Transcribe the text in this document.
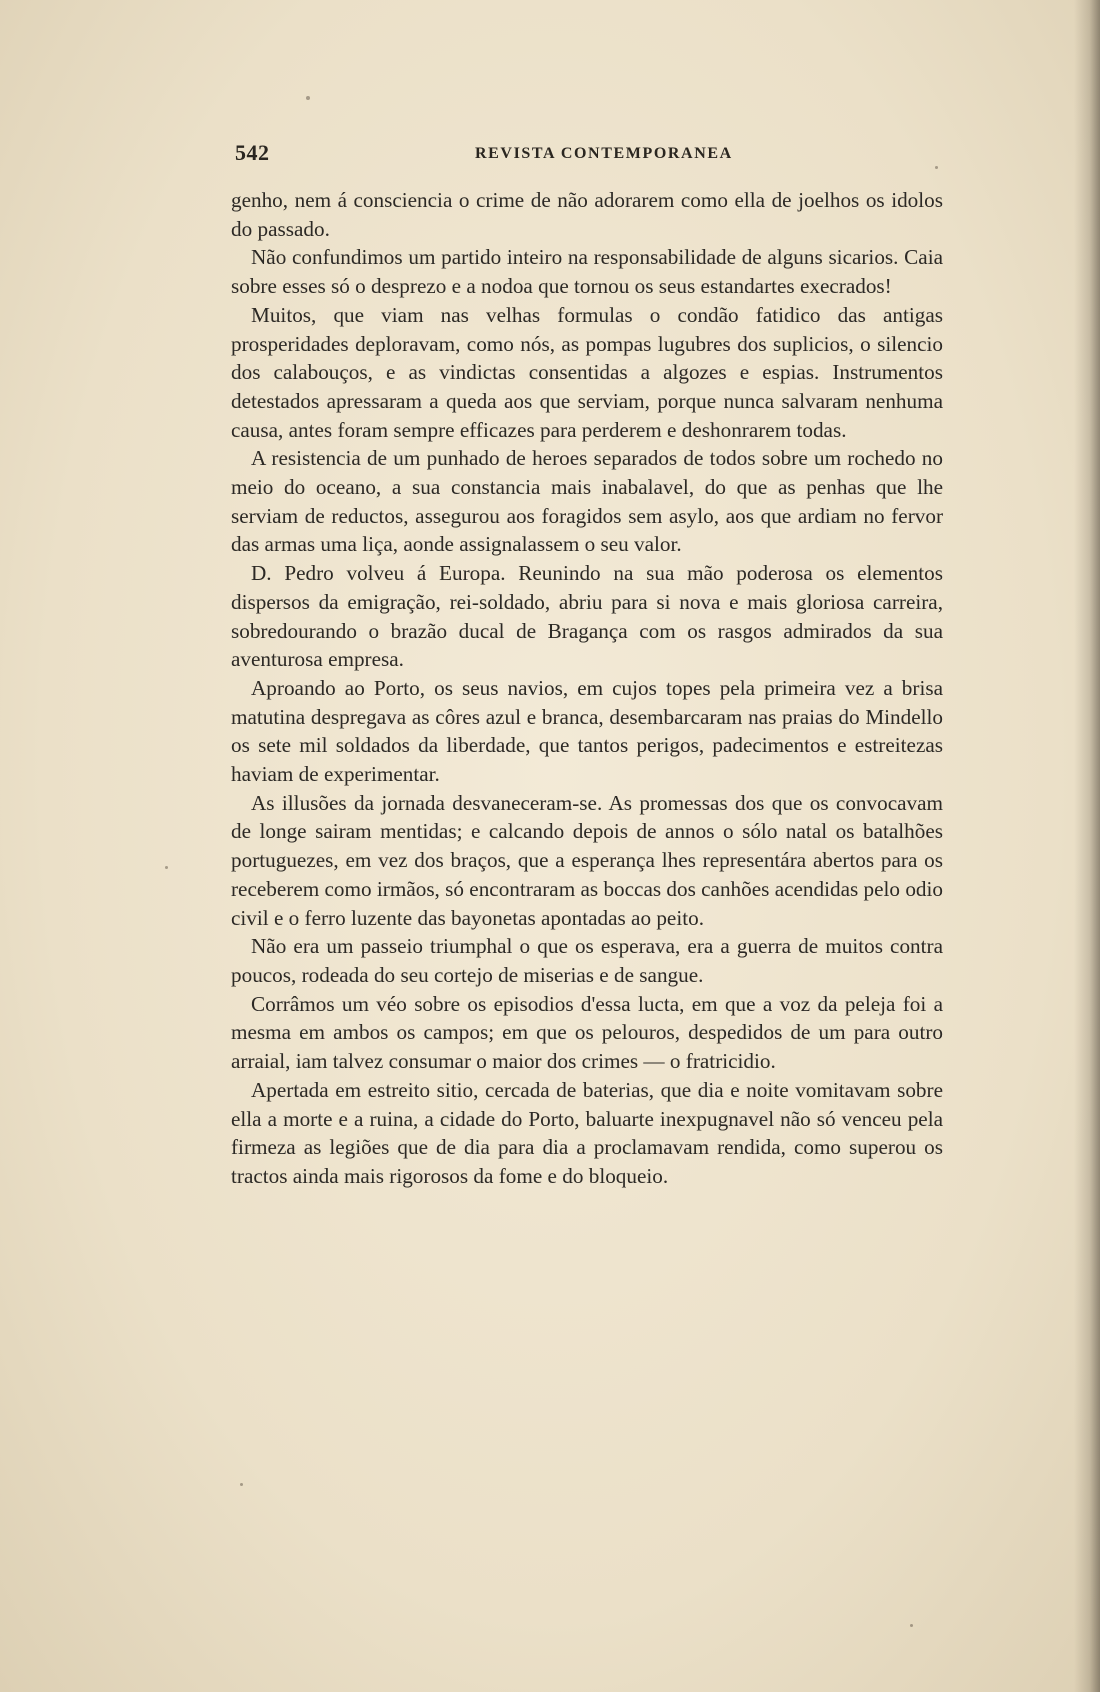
542	REVISTA CONTEMPORANEA

genho, nem á consciencia o crime de não adorarem como ella de joelhos os idolos do passado.

Não confundimos um partido inteiro na responsabilidade de alguns sicarios. Caia sobre esses só o desprezo e a nodoa que tornou os seus estandartes execrados!

Muitos, que viam nas velhas formulas o condão fatidico das antigas prosperidades deploravam, como nós, as pompas lugubres dos suplicios, o silencio dos calabouços, e as vindictas consentidas a algozes e espias. Instrumentos detestados apressaram a queda aos que serviam, porque nunca salvaram nenhuma causa, antes foram sempre efficazes para perderem e deshonrarem todas.

A resistencia de um punhado de heroes separados de todos sobre um rochedo no meio do oceano, a sua constancia mais inabalavel, do que as penhas que lhe serviam de reductos, assegurou aos foragidos sem asylo, aos que ardiam no fervor das armas uma liça, aonde assignalassem o seu valor.

D. Pedro volveu á Europa. Reunindo na sua mão poderosa os elementos dispersos da emigração, rei-soldado, abriu para si nova e mais gloriosa carreira, sobredourando o brazão ducal de Bragança com os rasgos admirados da sua aventurosa empresa.

Aproando ao Porto, os seus navios, em cujos topes pela primeira vez a brisa matutina despregava as côres azul e branca, desembarcaram nas praias do Mindello os sete mil soldados da liberdade, que tantos perigos, padecimentos e estreitezas haviam de experimentar.

As illusões da jornada desvaneceram-se. As promessas dos que os convocavam de longe sairam mentidas; e calcando depois de annos o sólo natal os batalhões portuguezes, em vez dos braços, que a esperança lhes representára abertos para os receberem como irmãos, só encontraram as boccas dos canhões acendidas pelo odio civil e o ferro luzente das bayonetas apontadas ao peito.

Não era um passeio triumphal o que os esperava, era a guerra de muitos contra poucos, rodeada do seu cortejo de miserias e de sangue.

Corrâmos um véo sobre os episodios d'essa lucta, em que a voz da peleja foi a mesma em ambos os campos; em que os pelouros, despedidos de um para outro arraial, iam talvez consumar o maior dos crimes — o fratricidio.

Apertada em estreito sitio, cercada de baterias, que dia e noite vomitavam sobre ella a morte e a ruina, a cidade do Porto, baluarte inexpugnavel não só venceu pela firmeza as legiões que de dia para dia a proclamavam rendida, como superou os tractos ainda mais rigorosos da fome e do bloqueio.
